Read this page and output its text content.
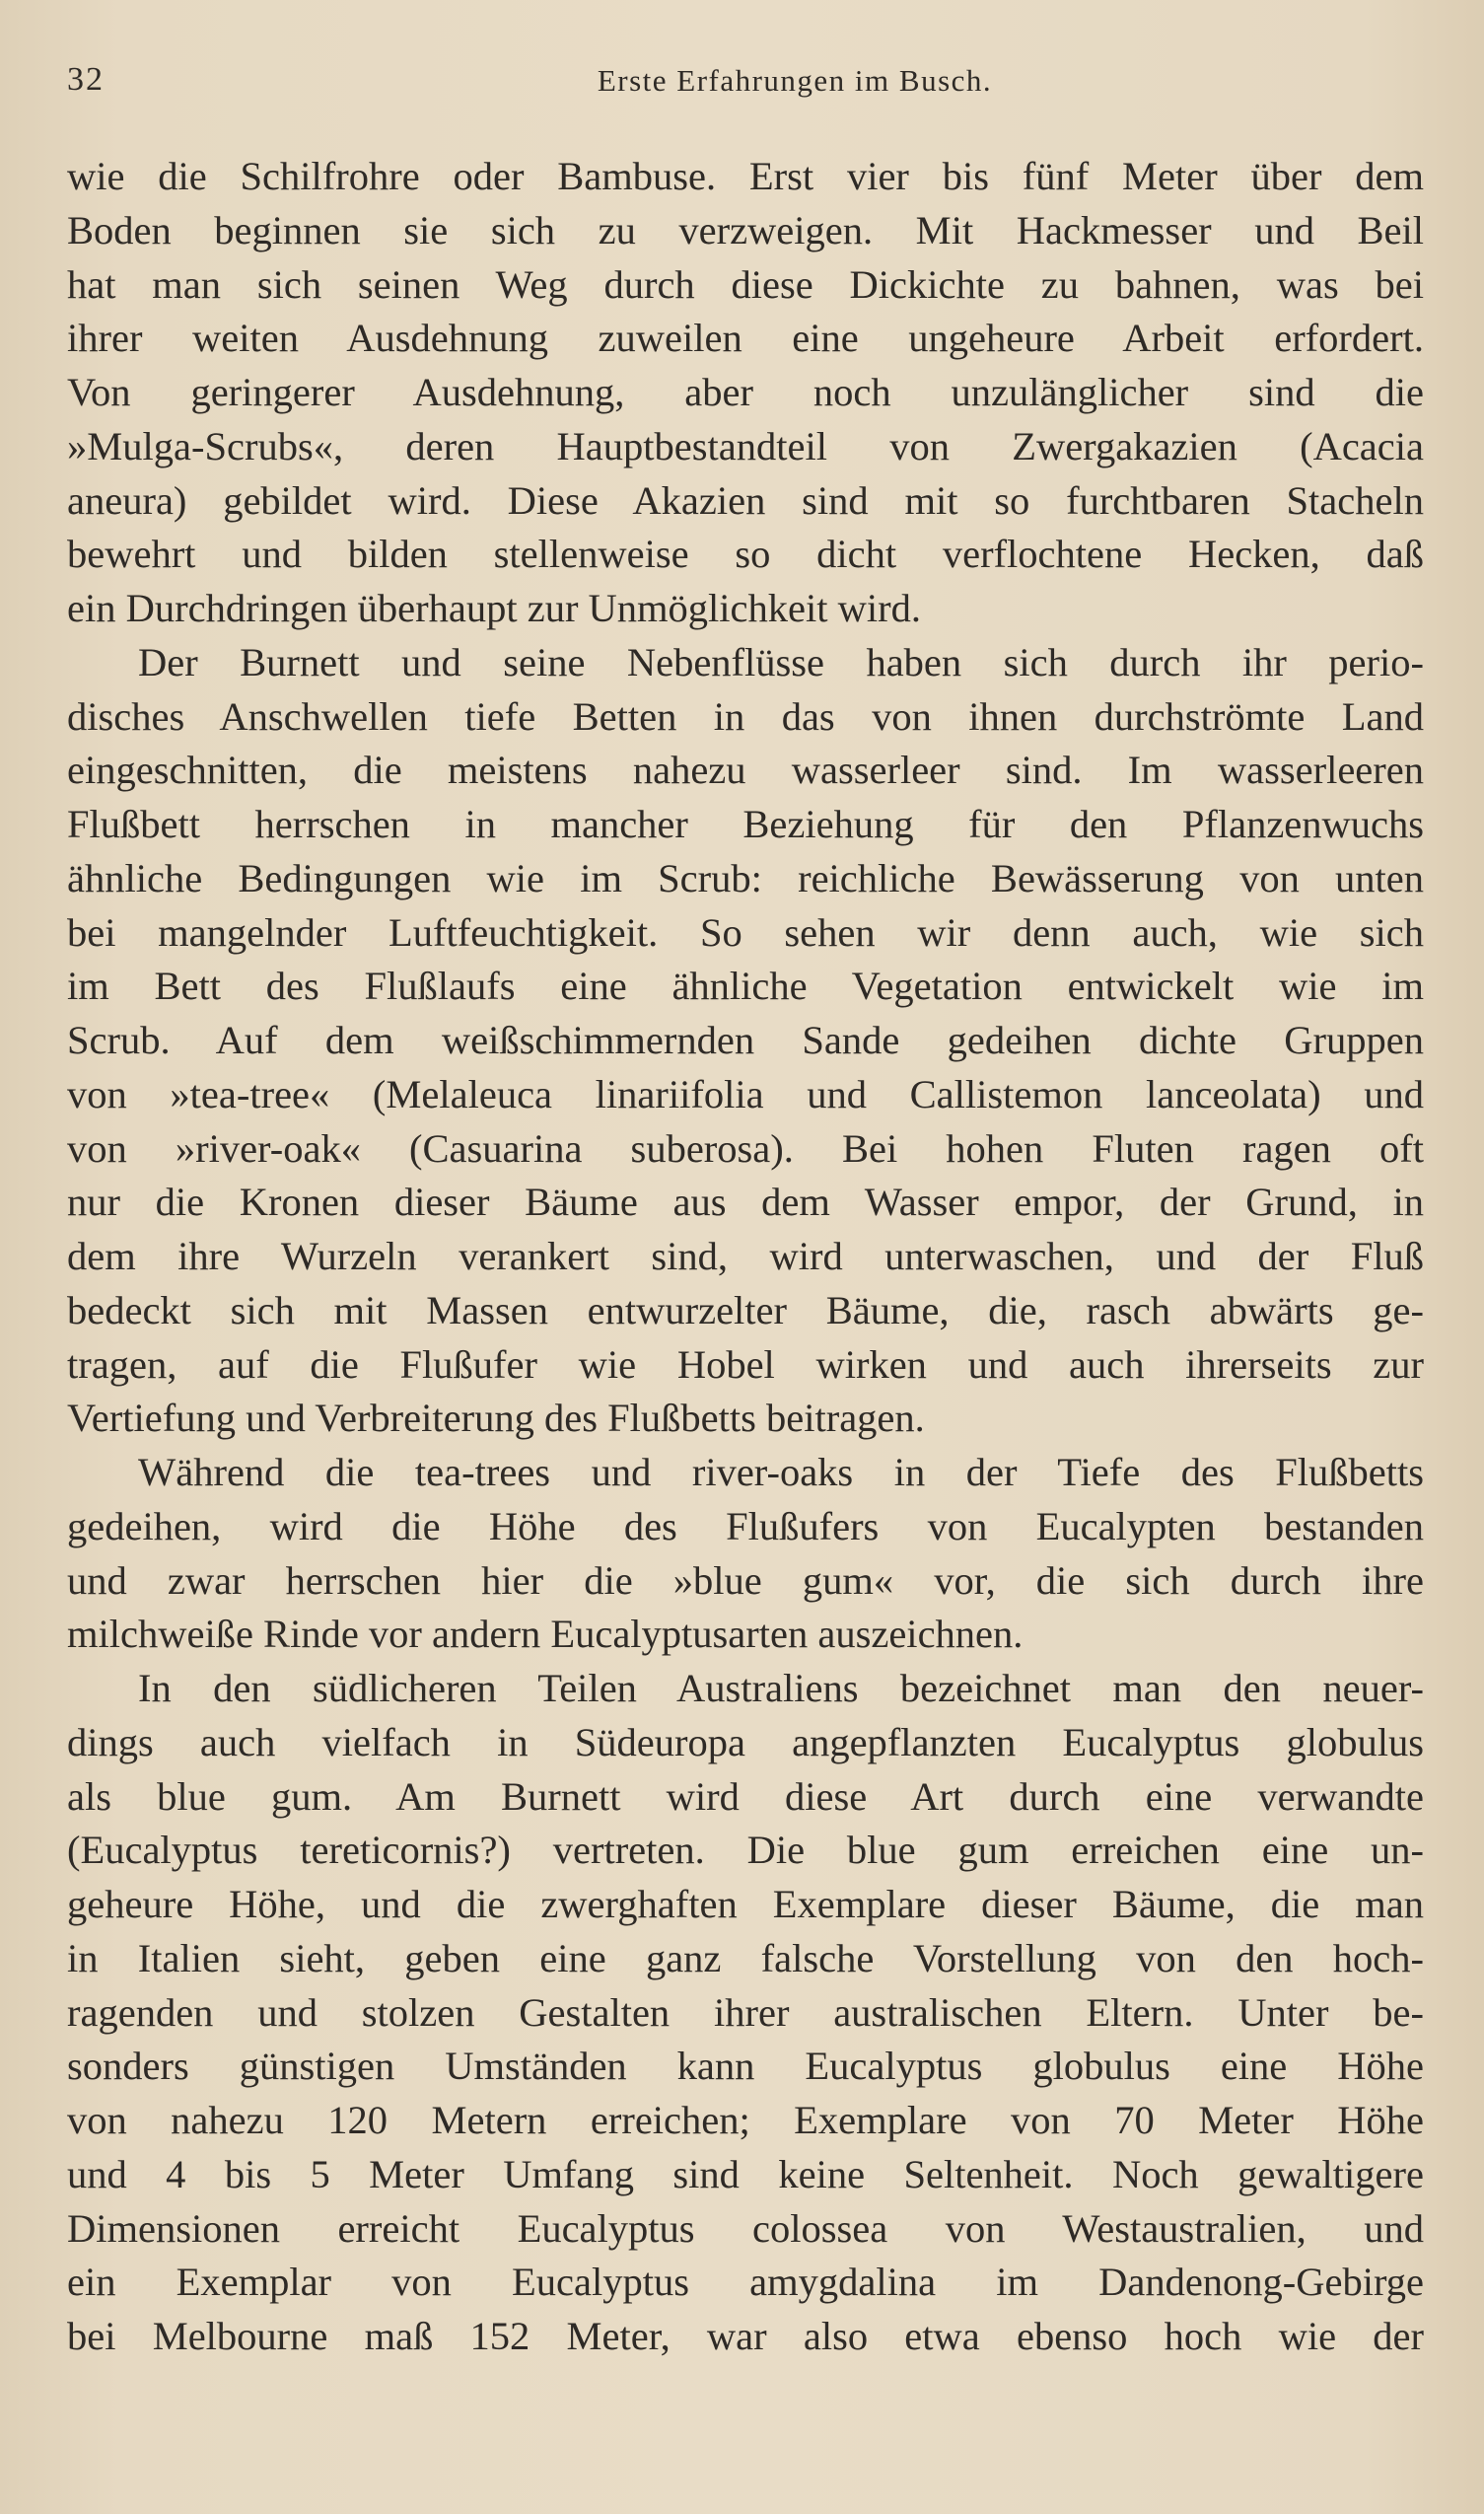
32	Erste Erfahrungen im Busch.
wie die Schilfrohre oder Bambuse. Erst vier bis fünf Meter über dem
Boden beginnen sie sich zu verzweigen. Mit Hackmesser und Beil
hat man sich seinen Weg durch diese Dickichte zu bahnen, was bei
ihrer weiten Ausdehnung zuweilen eine ungeheure Arbeit erfordert.
Von geringerer Ausdehnung, aber noch unzulänglicher sind die
»Mulga-Scrubs«, deren Hauptbestandteil von Zwergakazien (Acacia
aneura) gebildet wird. Diese Akazien sind mit so furchtbaren Stacheln
bewehrt und bilden stellenweise so dicht verflochtene Hecken, daß
ein Durchdringen überhaupt zur Unmöglichkeit wird.
Der Burnett und seine Nebenflüsse haben sich durch ihr perio-
disches Anschwellen tiefe Betten in das von ihnen durchströmte Land
eingeschnitten, die meistens nahezu wasserleer sind. Im wasserleeren
Flußbett herrschen in mancher Beziehung für den Pflanzenwuchs
ähnliche Bedingungen wie im Scrub: reichliche Bewässerung von unten
bei mangelnder Luftfeuchtigkeit. So sehen wir denn auch, wie sich
im Bett des Flußlaufs eine ähnliche Vegetation entwickelt wie im
Scrub. Auf dem weißschimmernden Sande gedeihen dichte Gruppen
von »tea-tree« (Melaleuca linariifolia und Callistemon lanceolata) und
von »river-oak« (Casuarina suberosa). Bei hohen Fluten ragen oft
nur die Kronen dieser Bäume aus dem Wasser empor, der Grund, in
dem ihre Wurzeln verankert sind, wird unterwaschen, und der Fluß
bedeckt sich mit Massen entwurzelter Bäume, die, rasch abwärts ge-
tragen, auf die Flußufer wie Hobel wirken und auch ihrerseits zur
Vertiefung und Verbreiterung des Flußbetts beitragen.
Während die tea-trees und river-oaks in der Tiefe des Flußbetts
gedeihen, wird die Höhe des Flußufers von Eucalypten bestanden
und zwar herrschen hier die »blue gum« vor, die sich durch ihre
milchweiße Rinde vor andern Eucalyptusarten auszeichnen.
In den südlicheren Teilen Australiens bezeichnet man den neuer-
dings auch vielfach in Südeuropa angepflanzten Eucalyptus globulus
als blue gum. Am Burnett wird diese Art durch eine verwandte
(Eucalyptus tereticornis?) vertreten. Die blue gum erreichen eine un-
geheure Höhe, und die zwerghaften Exemplare dieser Bäume, die man
in Italien sieht, geben eine ganz falsche Vorstellung von den hoch-
ragenden und stolzen Gestalten ihrer australischen Eltern. Unter be-
sonders günstigen Umständen kann Eucalyptus globulus eine Höhe
von nahezu 120 Metern erreichen; Exemplare von 70 Meter Höhe
und 4 bis 5 Meter Umfang sind keine Seltenheit. Noch gewaltigere
Dimensionen erreicht Eucalyptus colossea von Westaustralien, und
ein Exemplar von Eucalyptus amygdalina im Dandenong-Gebirge
bei Melbourne maß 152 Meter, war also etwa ebenso hoch wie der
